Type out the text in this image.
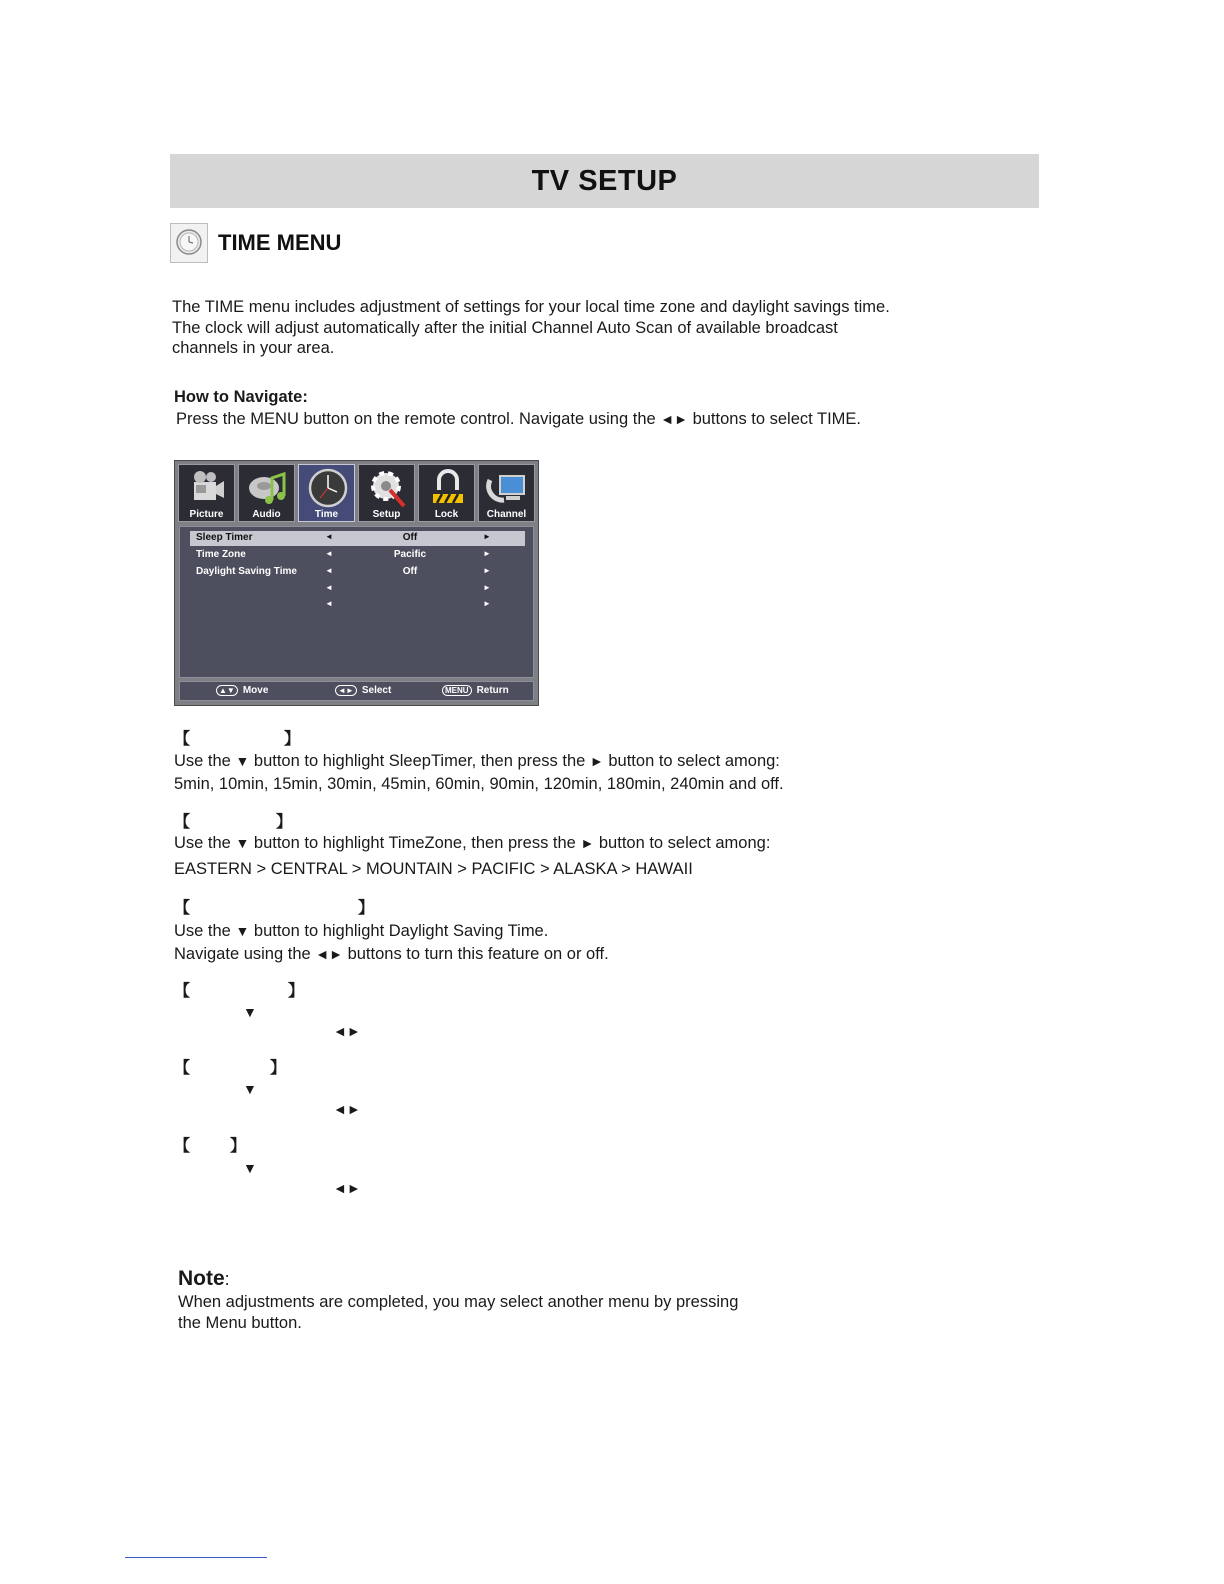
TV SETUP
TIME MENU

The TIME menu includes adjustment of settings for your local time zone and daylight savings time.
The clock will adjust automatically after the initial Channel Auto Scan of available broadcast
channels in your area.

How to Navigate:
Press the MENU button on the remote control. Navigate using the ◄► buttons to select TIME.
Picture	Audio	Time	Setup	Lock	Channel
Sleep Timer	◄	Off	►
Time Zone	◄	Pacific	►
Daylight Saving Time	◄	Off	►
◄	►
◄	►
▲▼ Move	◄► Select	MENU Return
【	】
Use the ▼ button to highlight SleepTimer, then press the ► button to select among:
5min, 10min, 15min, 30min, 45min, 60min, 90min, 120min, 180min, 240min and off.
【	】
Use the ▼ button to highlight TimeZone, then press the ► button to select among:
EASTERN > CENTRAL > MOUNTAIN > PACIFIC > ALASKA > HAWAII
【	】
Use the ▼ button to highlight Daylight Saving Time.
Navigate using the ◄► buttons to turn this feature on or off.
【	】
▼
◄►
【	】
▼
◄►
【	】
▼
◄►
Note:

When adjustments are completed, you may select another menu by pressing
the Menu button.
